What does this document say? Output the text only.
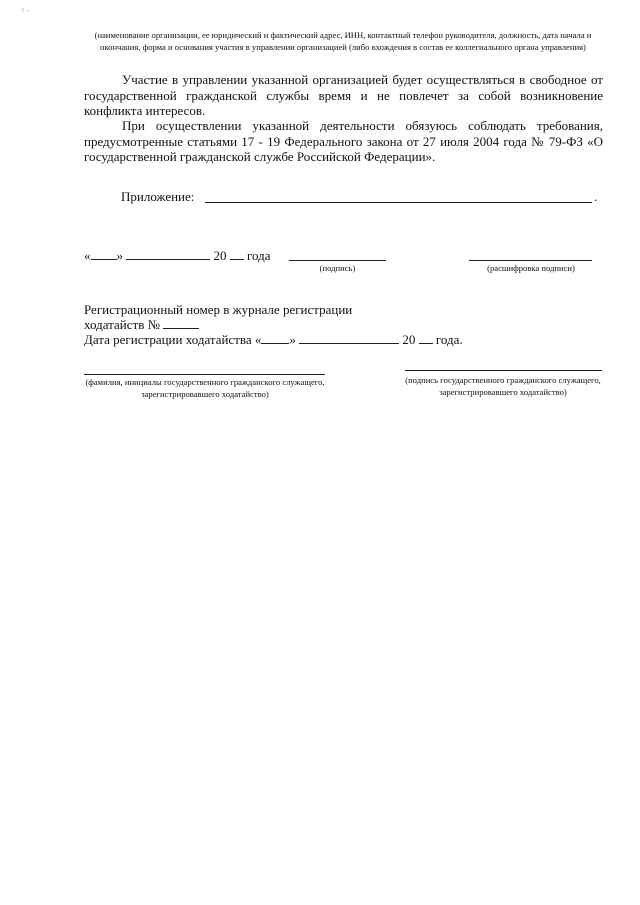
ᶠ ·
(наименование организации, ее юридический и фактический адрес, ИНН, контактный телефон руководителя, должность, дата начала и окончания, форма и основания участия в управлении организацией (либо вхождения в состав ее коллегиального органа управления)
Участие в управлении указанной организацией будет осуществляться в свободное от государственной гражданской службы время и не повлечет за собой возникновение конфликта интересов.
При осуществлении указанной деятельности обязуюсь соблюдать требования, предусмотренные статьями 17 - 19 Федерального закона от 27 июля 2004 года № 79-ФЗ «О государственной гражданской службе Российской Федерации».
Приложение:	.
« »	20 года
(подпись)	(расшифровка подписи)
Регистрационный номер в журнале регистрации
ходатайств №
Дата регистрации ходатайства « »	20 года.
(фамилия, инициалы государственного гражданского служащего, зарегистрировавшего ходатайство)
(подпись государственного гражданского служащего, зарегистрировавшего ходатайство)
